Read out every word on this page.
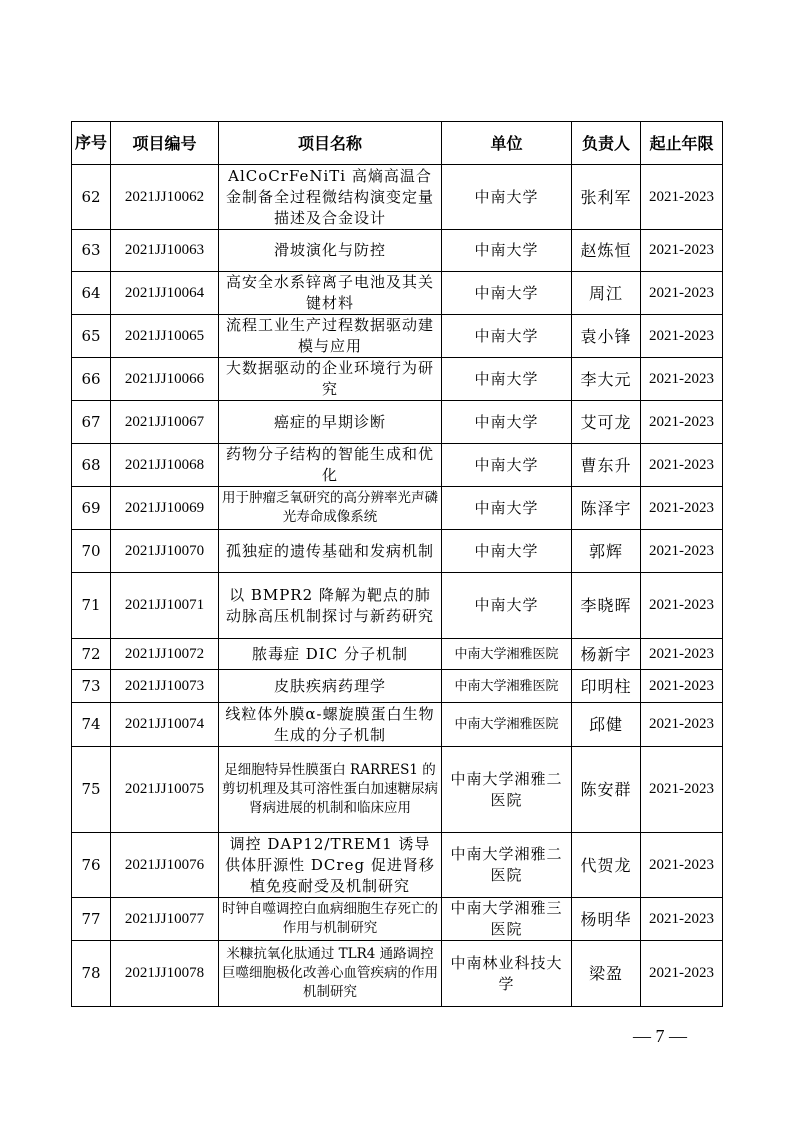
序号	项目编号	项目名称	单位	负责人	起止年限
62	2021JJ10062	AlCoCrFeNiTi 高熵高温合金制备全过程微结构演变定量描述及合金设计	中南大学	张利军	2021-2023
63	2021JJ10063	滑坡演化与防控	中南大学	赵炼恒	2021-2023
64	2021JJ10064	高安全水系锌离子电池及其关键材料	中南大学	周江	2021-2023
65	2021JJ10065	流程工业生产过程数据驱动建模与应用	中南大学	袁小锋	2021-2023
66	2021JJ10066	大数据驱动的企业环境行为研究	中南大学	李大元	2021-2023
67	2021JJ10067	癌症的早期诊断	中南大学	艾可龙	2021-2023
68	2021JJ10068	药物分子结构的智能生成和优化	中南大学	曹东升	2021-2023
69	2021JJ10069	用于肿瘤乏氧研究的高分辨率光声磷光寿命成像系统	中南大学	陈泽宇	2021-2023
70	2021JJ10070	孤独症的遗传基础和发病机制	中南大学	郭辉	2021-2023
71	2021JJ10071	以 BMPR2 降解为靶点的肺动脉高压机制探讨与新药研究	中南大学	李晓晖	2021-2023
72	2021JJ10072	脓毒症 DIC 分子机制	中南大学湘雅医院	杨新宇	2021-2023
73	2021JJ10073	皮肤疾病药理学	中南大学湘雅医院	印明柱	2021-2023
74	2021JJ10074	线粒体外膜α-螺旋膜蛋白生物生成的分子机制	中南大学湘雅医院	邱健	2021-2023
75	2021JJ10075	足细胞特异性膜蛋白 RARRES1 的剪切机理及其可溶性蛋白加速糖尿病肾病进展的机制和临床应用	中南大学湘雅二医院	陈安群	2021-2023
76	2021JJ10076	调控 DAP12/TREM1 诱导供体肝源性 DCreg 促进肾移植免疫耐受及机制研究	中南大学湘雅二医院	代贺龙	2021-2023
77	2021JJ10077	时钟自噬调控白血病细胞生存死亡的作用与机制研究	中南大学湘雅三医院	杨明华	2021-2023
78	2021JJ10078	米糠抗氧化肽通过 TLR4 通路调控巨噬细胞极化改善心血管疾病的作用机制研究	中南林业科技大学	梁盈	2021-2023
— 7 —
